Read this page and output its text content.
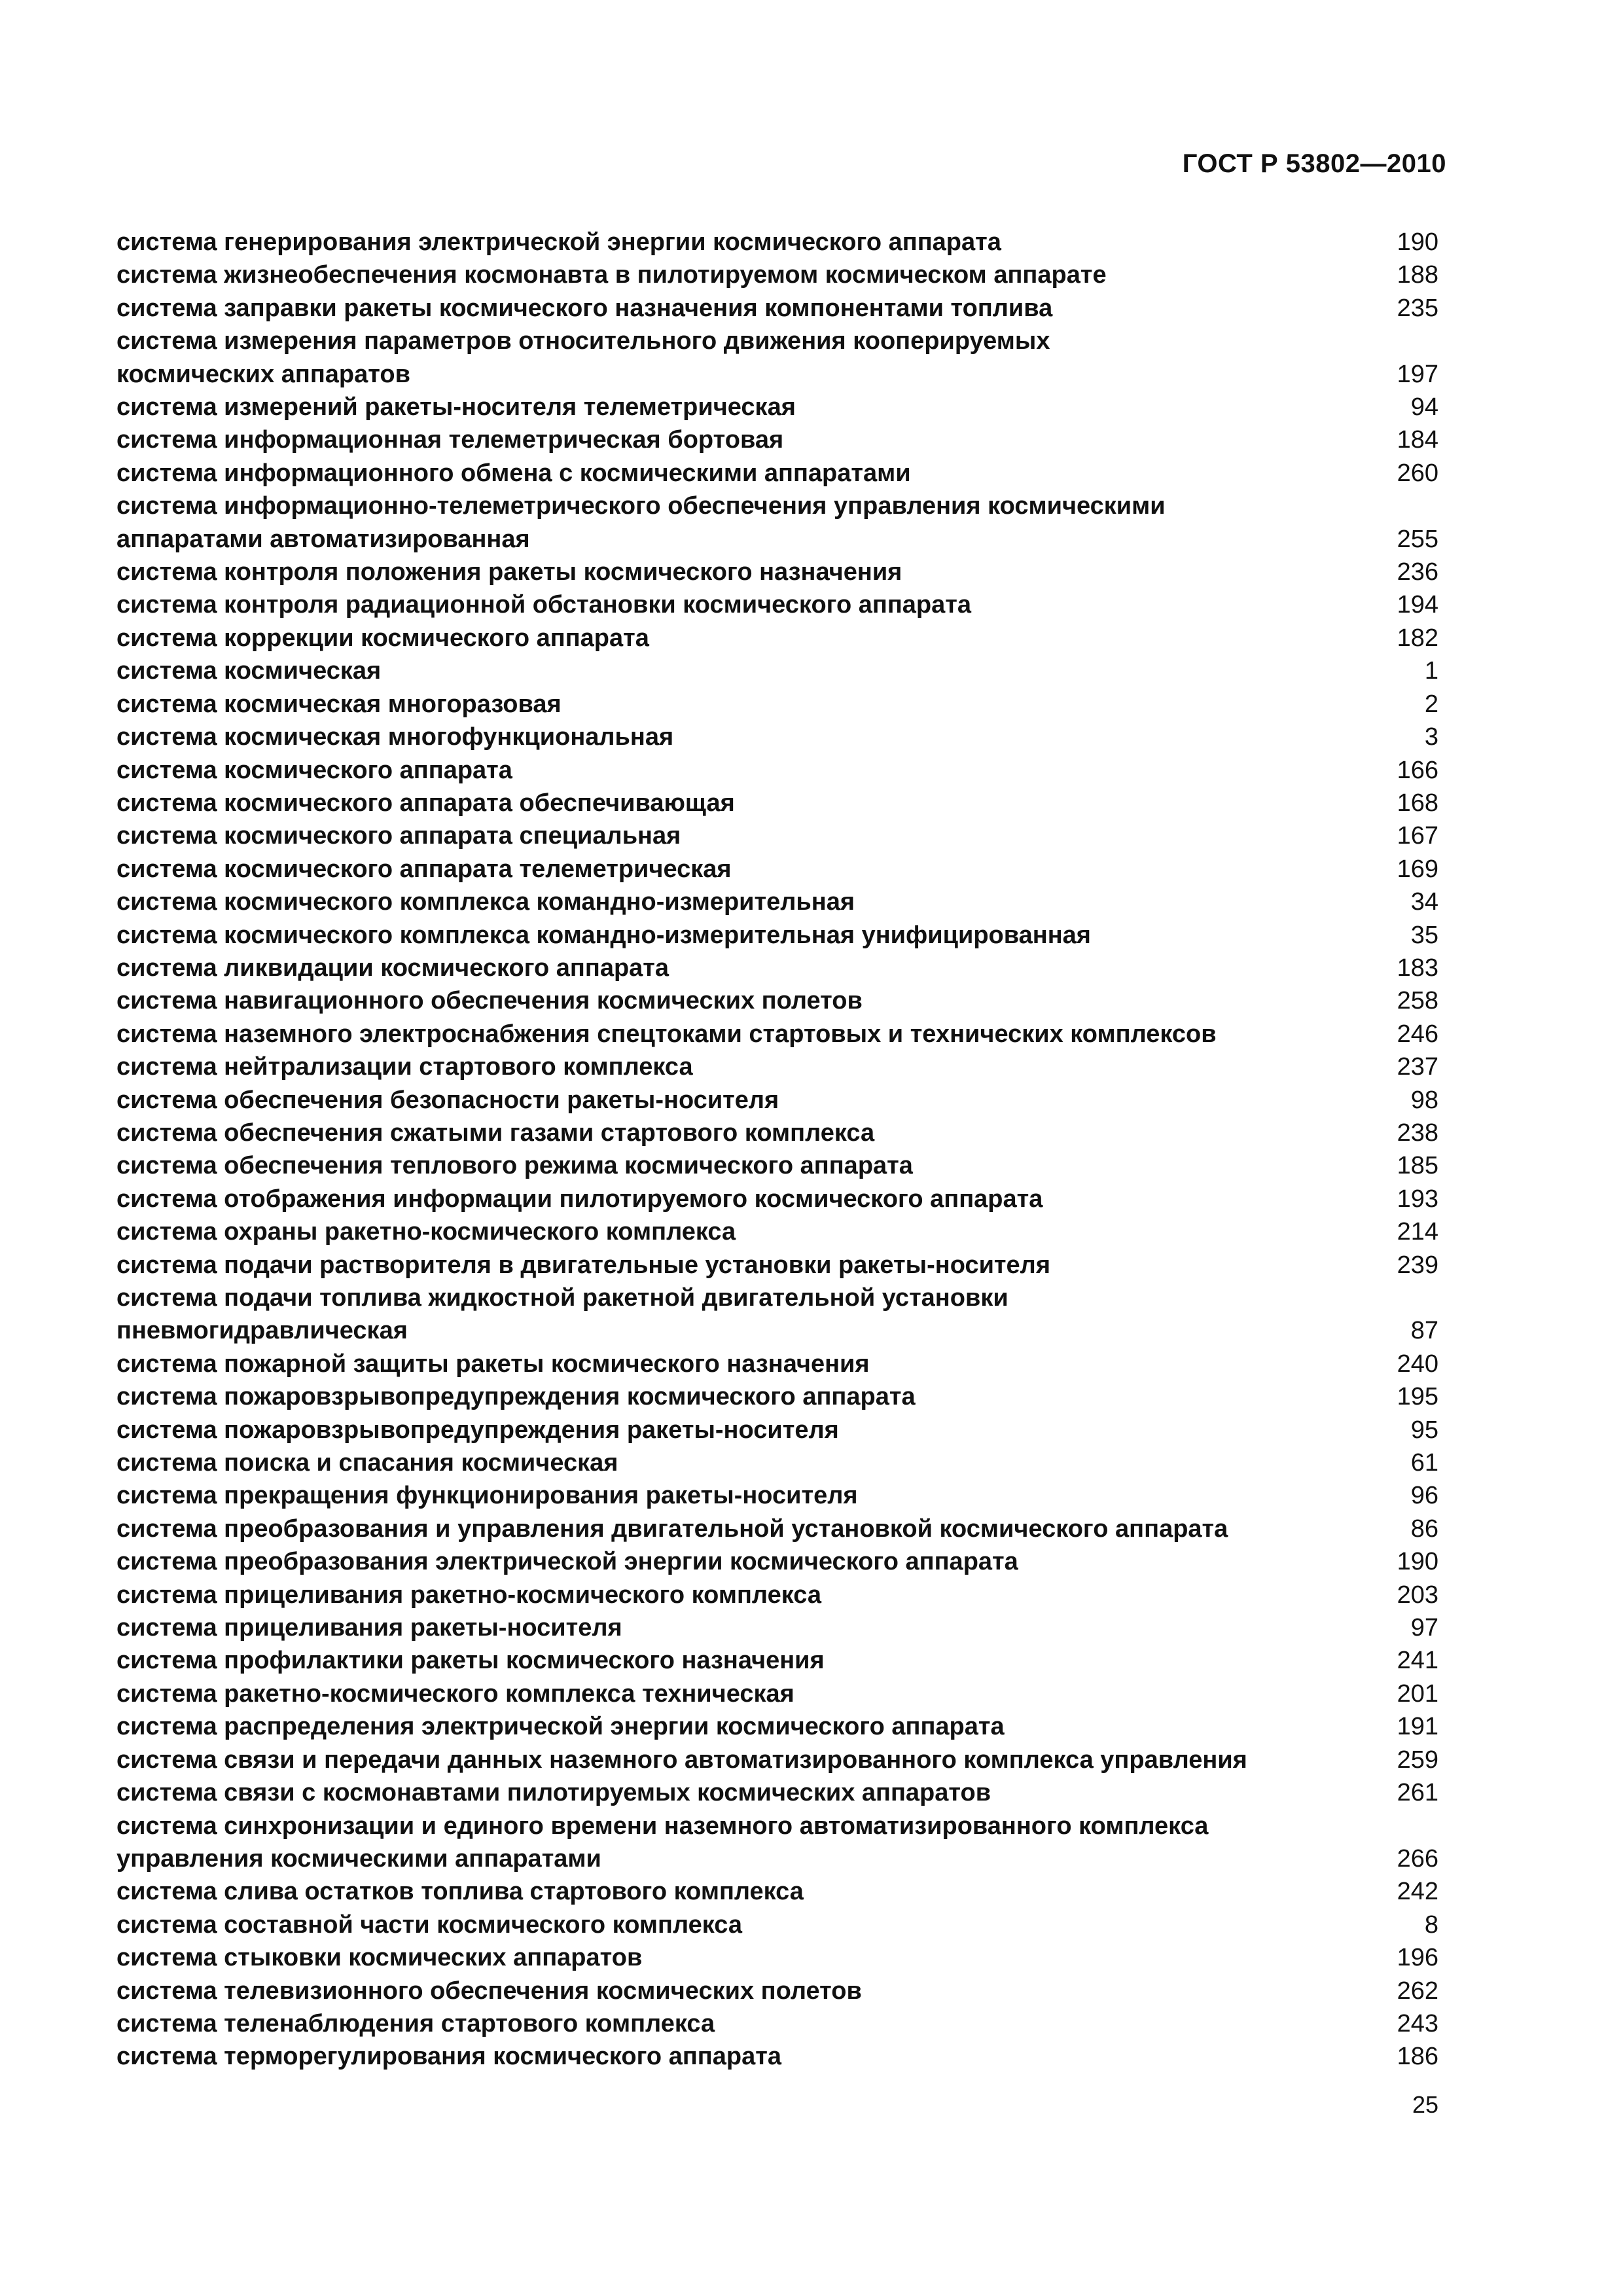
ГОСТ Р 53802—2010
система генерирования электрической энергии космического аппарата	190
система жизнеобеспечения космонавта в пилотируемом космическом аппарате	188
система заправки ракеты космического назначения компонентами топлива	235
система измерения параметров относительного движения кооперируемых
космических аппаратов	197
система измерений ракеты-носителя телеметрическая	94
система информационная телеметрическая бортовая	184
система информационного обмена с космическими аппаратами	260
система информационно-телеметрического обеспечения управления космическими
аппаратами автоматизированная	255
система контроля положения ракеты космического назначения	236
система контроля радиационной обстановки космического аппарата	194
система коррекции космического аппарата	182
система космическая	1
система космическая многоразовая	2
система космическая многофункциональная	3
система космического аппарата	166
система космического аппарата обеспечивающая	168
система космического аппарата специальная	167
система космического аппарата телеметрическая	169
система космического комплекса командно-измерительная	34
система космического комплекса командно-измерительная унифицированная	35
система ликвидации космического аппарата	183
система навигационного обеспечения космических полетов	258
система наземного электроснабжения спецтоками стартовых и технических комплексов	246
система нейтрализации стартового комплекса	237
система обеспечения безопасности ракеты-носителя	98
система обеспечения сжатыми газами стартового комплекса	238
система обеспечения теплового режима космического аппарата	185
система отображения информации пилотируемого космического аппарата	193
система охраны ракетно-космического комплекса	214
система подачи растворителя в двигательные установки ракеты-носителя	239
система подачи топлива жидкостной ракетной двигательной установки
пневмогидравлическая	87
система пожарной защиты ракеты космического назначения	240
система пожаровзрывопредупреждения космического аппарата	195
система пожаровзрывопредупреждения ракеты-носителя	95
система поиска и спасания космическая	61
система прекращения функционирования ракеты-носителя	96
система преобразования и управления двигательной установкой космического аппарата	86
система преобразования электрической энергии космического аппарата	190
система прицеливания ракетно-космического комплекса	203
система прицеливания ракеты-носителя	97
система профилактики ракеты космического назначения	241
система ракетно-космического комплекса техническая	201
система распределения электрической энергии космического аппарата	191
система связи и передачи данных наземного автоматизированного комплекса управления	259
система связи с космонавтами пилотируемых космических аппаратов	261
система синхронизации и единого времени наземного автоматизированного комплекса
управления космическими аппаратами	266
система слива остатков топлива стартового комплекса	242
система составной части космического комплекса	8
система стыковки космических аппаратов	196
система телевизионного обеспечения космических полетов	262
система теленаблюдения стартового комплекса	243
система терморегулирования космического аппарата	186
25
